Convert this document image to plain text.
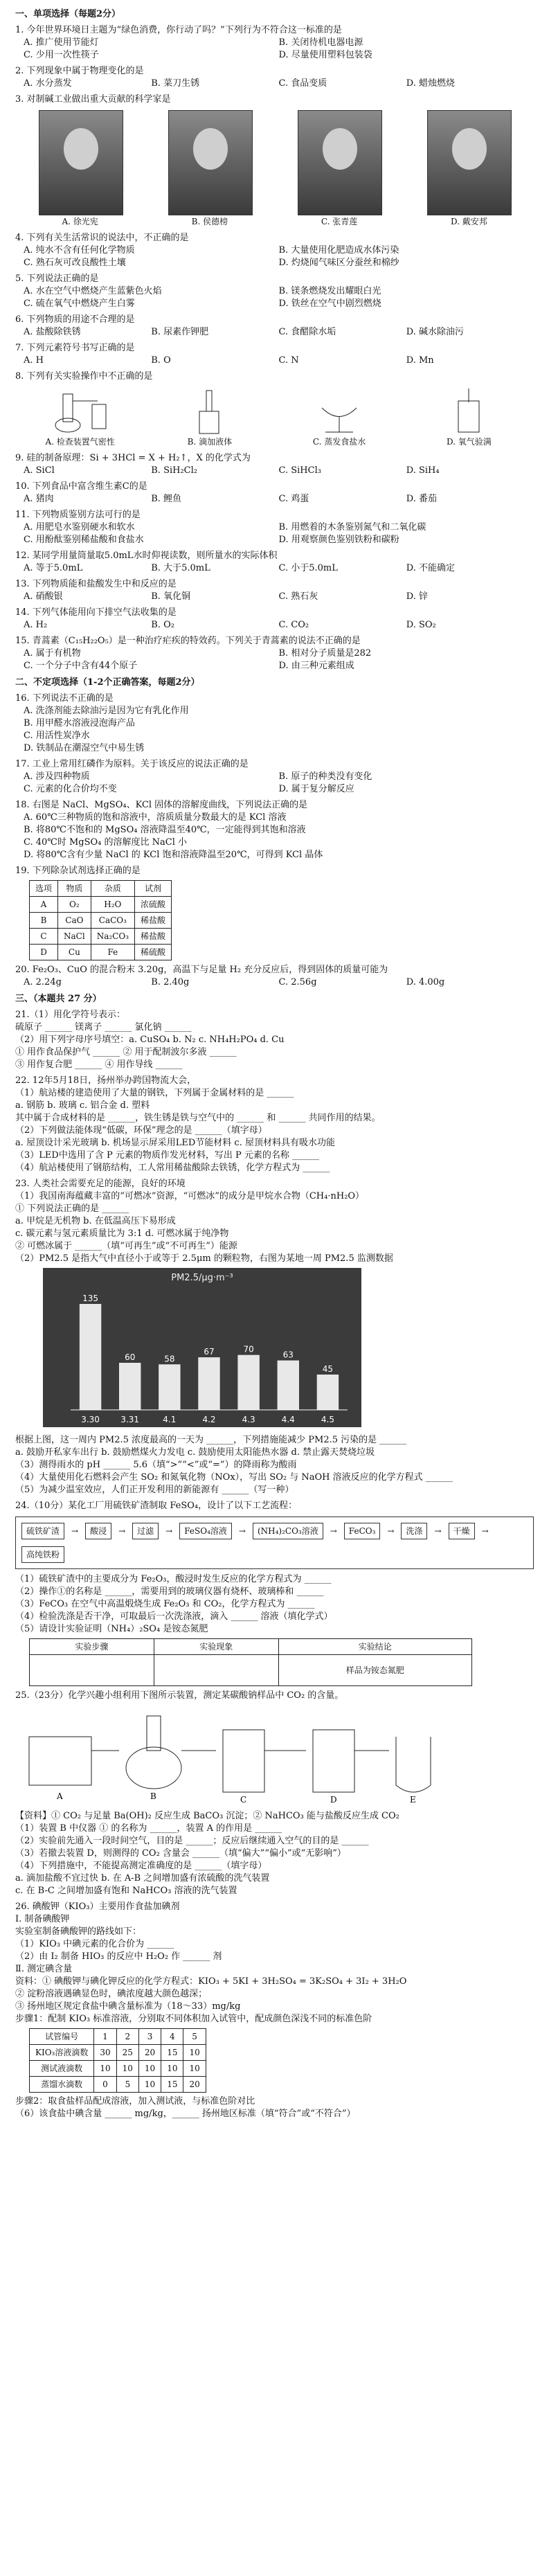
一、单项选择（每题2分）
1. 今年世界环境日主题为“绿色消费，你行动了吗？”下列行为不符合这一标准的是
A. 推广使用节能灯	B. 关闭待机电器电源
C. 少用一次性筷子	D. 尽量使用塑料包装袋
2. 下列现象中属于物理变化的是
A. 水分蒸发	B. 菜刀生锈	C. 食品变质	D. 蜡烛燃烧
3. 对制碱工业做出重大贡献的科学家是
A. 徐光宪	B. 侯德榜	C. 张青莲	D. 戴安邦
4. 下列有关生活常识的说法中，不正确的是
A. 纯水不含有任何化学物质	B. 大量使用化肥造成水体污染
C. 熟石灰可改良酸性土壤	D. 灼烧闻气味区分蚕丝和棉纱
5. 下列说法正确的是
A. 水在空气中燃烧产生蓝紫色火焰	B. 镁条燃烧发出耀眼白光
C. 硫在氧气中燃烧产生白雾	D. 铁丝在空气中剧烈燃烧
6. 下列物质的用途不合理的是
A. 盐酸除铁锈	B. 尿素作钾肥	C. 食醋除水垢	D. 碱水除油污
7. 下列元素符号书写正确的是
A. H	B. O	C. N	D. Mn
8. 下列有关实验操作中不正确的是
A. 检查装置气密性	B. 滴加液体	C. 蒸发食盐水	D. 氧气验满
9. 硅的制备原理：Si + 3HCl = X + H₂↑，X 的化学式为
A. SiCl	B. SiH₂Cl₂	C. SiHCl₃	D. SiH₄
10. 下列食品中富含维生素C的是
A. 猪肉	B. 鲤鱼	C. 鸡蛋	D. 番茄
11. 下列物质鉴别方法可行的是
A. 用肥皂水鉴别硬水和软水	B. 用燃着的木条鉴别氮气和二氧化碳
C. 用酚酞鉴别稀盐酸和食盐水	D. 用观察颜色鉴别铁粉和碳粉
12. 某同学用量筒量取5.0mL水时仰视读数，则所量水的实际体积
A. 等于5.0mL	B. 大于5.0mL	C. 小于5.0mL	D. 不能确定
13. 下列物质能和盐酸发生中和反应的是
A. 硝酸银	B. 氧化铜	C. 熟石灰	D. 锌
14. 下列气体能用向下排空气法收集的是
A. H₂	B. O₂	C. CO₂	D. SO₂
15. 青蒿素（C₁₅H₂₂O₅）是一种治疗疟疾的特效药。下列关于青蒿素的说法不正确的是
A. 属于有机物	B. 相对分子质量是282
C. 一个分子中含有44个原子	D. 由三种元素组成
二、不定项选择（1-2个正确答案，每题2分）
16. 下列说法不正确的是
A. 洗涤剂能去除油污是因为它有乳化作用
B. 用甲醛水溶液浸泡海产品
C. 用活性炭净水
D. 铁制品在潮湿空气中易生锈
17. 工业上常用红磷作为原料。关于该反应的说法正确的是
A. 涉及四种物质	B. 原子的种类没有变化
C. 元素的化合价均不变	D. 属于复分解反应
18. 右图是 NaCl、MgSO₄、KCl 固体的溶解度曲线，下列说法正确的是
A. 60℃三种物质的饱和溶液中，溶质质量分数最大的是 KCl 溶液
B. 将80℃不饱和的 MgSO₄ 溶液降温至40℃，一定能得到其饱和溶液
C. 40℃时 MgSO₄ 的溶解度比 NaCl 小
D. 将80℃含有少量 NaCl 的 KCl 饱和溶液降温至20℃，可得到 KCl 晶体
19. 下列除杂试剂选择正确的是
选项	物质	杂质	试剂
A	O₂	H₂O	浓硫酸
B	CaO	CaCO₃	稀盐酸
C	NaCl	Na₂CO₃	稀盐酸
D	Cu	Fe	稀硫酸
20. Fe₂O₃、CuO 的混合粉末 3.20g，高温下与足量 H₂ 充分反应后，得到固体的质量可能为
A. 2.24g	B. 2.40g	C. 2.56g	D. 4.00g
三、（本题共 27 分）
21.（1）用化学符号表示：
硫原子 ______ 镁离子 ______ 氯化钠 ______
（2）用下列字母序号填空：a. CuSO₄ b. N₂ c. NH₄H₂PO₄ d. Cu
① 用作食品保护气 ______ ② 用于配制波尔多液 ______
③ 用作复合肥 ______ ④ 用作导线 ______
22. 12年5月18日，扬州举办跨国物流大会，
（1）航站楼的建造使用了大量的钢铁，下列属于金属材料的是 ______
a. 钢筋 b. 玻璃 c. 铝合金 d. 塑料
其中属于合成材料的是 ______，铁生锈是铁与空气中的 ______ 和 ______ 共同作用的结果。
（2）下列做法能体现“低碳，环保”理念的是 ______（填字母）
a. 屋顶设计采光玻璃 b. 机场显示屏采用LED节能材料 c. 屋顶材料具有吸水功能
（3）LED中选用了含 P 元素的物质作发光材料，写出 P 元素的名称 ______
（4）航站楼使用了钢筋结构，工人常用稀盐酸除去铁锈，化学方程式为 ______
23. 人类社会需要充足的能源，良好的环境
（1）我国南海蕴藏丰富的“可燃冰”资源，“可燃冰”的成分是甲烷水合物（CH₄·nH₂O）
① 下列说法正确的是 ______
a. 甲烷是无机物 b. 在低温高压下易形成
c. 碳元素与氢元素质量比为 3:1 d. 可燃冰属于纯净物
② 可燃冰属于 ______（填“可再生”或“不可再生”）能源
（2）PM2.5 是指大气中直径小于或等于 2.5μm 的颗粒物，右图为某地一周 PM2.5 监测数据
PM2.5/μg·m⁻³
135
3.30
60
3.31
58
4.1
67
4.2
70
4.3
63
4.4
45
4.5
根据上图，这一周内 PM2.5 浓度最高的一天为 ______，下列措施能减少 PM2.5 污染的是 ______
a. 鼓励开私家车出行 b. 鼓励燃煤火力发电 c. 鼓励使用太阳能热水器 d. 禁止露天焚烧垃圾
（3）测得雨水的 pH ______ 5.6（填“>”“<”或“=”）的降雨称为酸雨
（4）大量使用化石燃料会产生 SO₂ 和氮氧化物（NOx），写出 SO₂ 与 NaOH 溶液反应的化学方程式 ______
（5）为减少温室效应，人们正开发利用的新能源有 ______（写一种）
24.（10分）某化工厂用硫铁矿渣制取 FeSO₄，设计了以下工艺流程：
硫铁矿渣	→	酸浸	→	过滤	→	FeSO₄溶液	→	(NH₄)₂CO₃溶液	→	FeCO₃	→	洗涤	→	干燥	→
高纯铁粉
（1）硫铁矿渣中的主要成分为 Fe₂O₃，酸浸时发生反应的化学方程式为 ______
（2）操作①的名称是 ______，需要用到的玻璃仪器有烧杯、玻璃棒和 ______
（3）FeCO₃ 在空气中高温煅烧生成 Fe₂O₃ 和 CO₂，化学方程式为 ______
（4）检验洗涤是否干净，可取最后一次洗涤液，滴入 ______ 溶液（填化学式）
（5）请设计实验证明（NH₄）₂SO₄ 是铵态氮肥
实验步骤	实验现象	实验结论
		样品为铵态氮肥
25.（23分）化学兴趣小组利用下图所示装置，测定某碳酸钠样品中 CO₂ 的含量。
A	B	C	D	E
【资料】① CO₂ 与足量 Ba(OH)₂ 反应生成 BaCO₃ 沉淀；② NaHCO₃ 能与盐酸反应生成 CO₂
（1）装置 B 中仪器 ① 的名称为 ______，装置 A 的作用是 ______
（2）实验前先通入一段时间空气，目的是 ______；反应后继续通入空气的目的是 ______
（3）若撤去装置 D，则测得的 CO₂ 含量会 ______（填“偏大”“偏小”或“无影响”）
（4）下列措施中，不能提高测定准确度的是 ______（填字母）
a. 滴加盐酸不宜过快 b. 在 A-B 之间增加盛有浓硫酸的洗气装置
c. 在 B-C 之间增加盛有饱和 NaHCO₃ 溶液的洗气装置
26. 碘酸钾（KIO₃）主要用作食盐加碘剂
Ⅰ. 制备碘酸钾
实验室制备碘酸钾的路线如下：
（1）KIO₃ 中碘元素的化合价为 ______
（2）由 I₂ 制备 HIO₃ 的反应中 H₂O₂ 作 ______ 剂
Ⅱ. 测定碘含量
资料：① 碘酸钾与碘化钾反应的化学方程式：KIO₃ + 5KI + 3H₂SO₄ = 3K₂SO₄ + 3I₂ + 3H₂O
② 淀粉溶液遇碘显色时，碘浓度越大颜色越深；
③ 扬州地区规定食盐中碘含量标准为（18～33）mg/kg
步骤1：配制 KIO₃ 标准溶液，分别取不同体积加入试管中，配成颜色深浅不同的标准色阶
试管编号	1	2	3	4	5
KIO₃溶液滴数	30	25	20	15	10
测试液滴数	10	10	10	10	10
蒸馏水滴数	0	5	10	15	20
步骤2：取食盐样品配成溶液，加入测试液，与标准色阶对比
（6）该食盐中碘含量 ______ mg/kg，______ 扬州地区标准（填“符合”或“不符合”）
